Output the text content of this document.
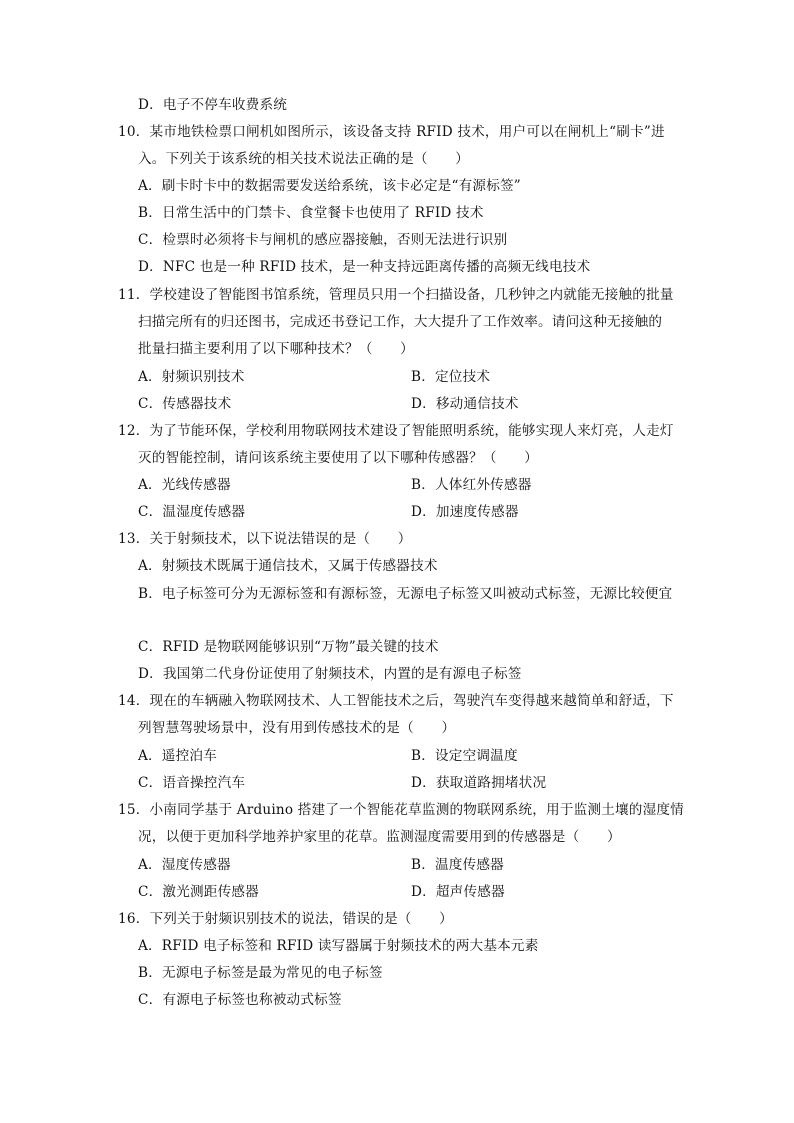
D．电子不停车收费系统
10．某市地铁检票口闸机如图所示，该设备支持 RFID 技术，用户可以在闸机上“刷卡”进
入。下列关于该系统的相关技术说法正确的是（　　）
A．刷卡时卡中的数据需要发送给系统，该卡必定是“有源标签”
B．日常生活中的门禁卡、食堂餐卡也使用了 RFID 技术
C．检票时必须将卡与闸机的感应器接触，否则无法进行识别
D．NFC 也是一种 RFID 技术，是一种支持远距离传播的高频无线电技术
11．学校建设了智能图书馆系统，管理员只用一个扫描设备，几秒钟之内就能无接触的批量
扫描完所有的归还图书，完成还书登记工作，大大提升了工作效率。请问这种无接触的
批量扫描主要利用了以下哪种技术？（　　）
A．射频识别技术	B．定位技术
C．传感器技术	D．移动通信技术
12．为了节能环保，学校利用物联网技术建设了智能照明系统，能够实现人来灯亮，人走灯
灭的智能控制，请问该系统主要使用了以下哪种传感器？（　　）
A．光线传感器	B．人体红外传感器
C．温湿度传感器	D．加速度传感器
13．关于射频技术，以下说法错误的是（　　）
A．射频技术既属于通信技术，又属于传感器技术
B．电子标签可分为无源标签和有源标签，无源电子标签又叫被动式标签，无源比较便宜
C．RFID 是物联网能够识别“万物”最关键的技术
D．我国第二代身份证使用了射频技术，内置的是有源电子标签
14．现在的车辆融入物联网技术、人工智能技术之后，驾驶汽车变得越来越简单和舒适，下
列智慧驾驶场景中，没有用到传感技术的是（　　）
A．遥控泊车	B．设定空调温度
C．语音操控汽车	D．获取道路拥堵状况
15．小南同学基于 Arduino 搭建了一个智能花草监测的物联网系统，用于监测土壤的湿度情
况，以便于更加科学地养护家里的花草。监测湿度需要用到的传感器是（　　）
A．湿度传感器	B．温度传感器
C．激光测距传感器	D．超声传感器
16．下列关于射频识别技术的说法，错误的是（　　）
A．RFID 电子标签和 RFID 读写器属于射频技术的两大基本元素
B．无源电子标签是最为常见的电子标签
C．有源电子标签也称被动式标签
